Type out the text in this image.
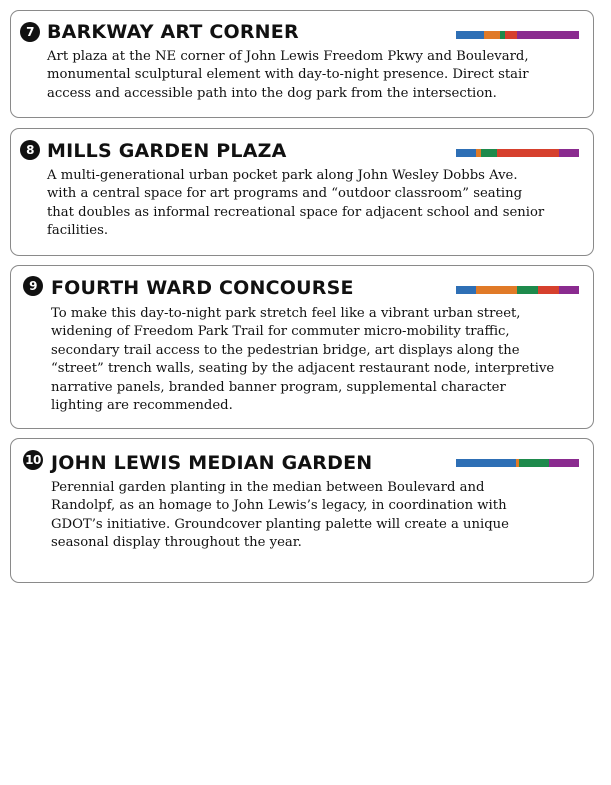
7 BARKWAY ART CORNER
Art plaza at the NE corner of John Lewis Freedom Pkwy and Boulevard,
monumental sculptural element with day-to-night presence. Direct stair
access and accessible path into the dog park from the intersection.
8 MILLS GARDEN PLAZA
A multi-generational urban pocket park along John Wesley Dobbs Ave.
with a central space for art programs and “outdoor classroom” seating
that doubles as informal recreational space for adjacent school and senior
facilities.
9 FOURTH WARD CONCOURSE
To make this day-to-night park stretch feel like a vibrant urban street,
widening of Freedom Park Trail for commuter micro-mobility traffic,
secondary trail access to the pedestrian bridge, art displays along the
“street” trench walls, seating by the adjacent restaurant node, interpretive
narrative panels, branded banner program, supplemental character
lighting are recommended.
10 JOHN LEWIS MEDIAN GARDEN
Perennial garden planting in the median between Boulevard and
Randolpf, as an homage to John Lewis’s legacy, in coordination with
GDOT’s initiative. Groundcover planting palette will create a unique
seasonal display throughout the year.
